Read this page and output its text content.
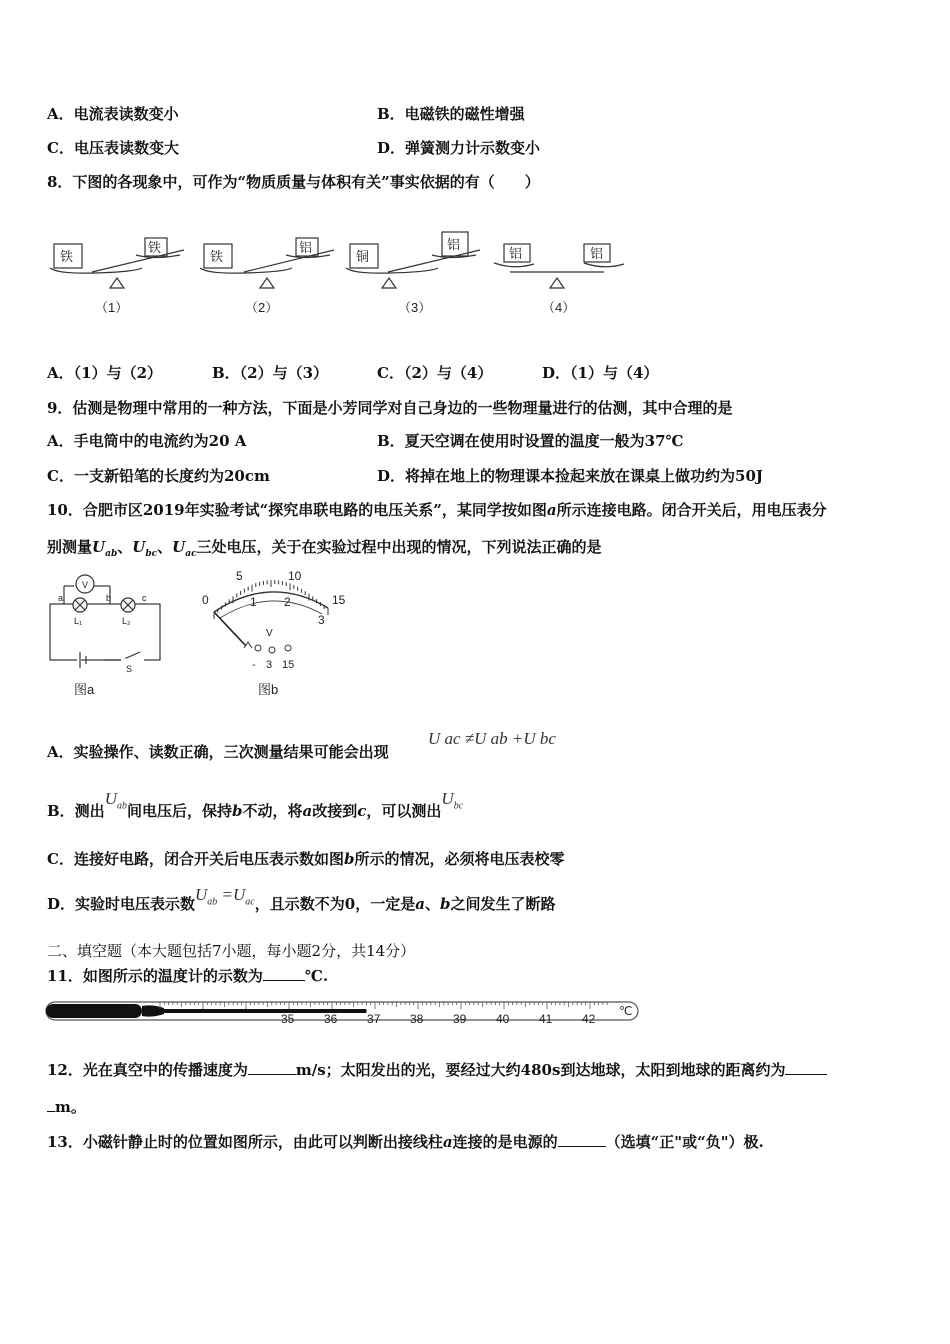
A．电流表读数变小	B．电磁铁的磁性增强
C．电压表读数变大	D．弹簧测力计示数变小
8．下图的各现象中，可作为“物质质量与体积有关”事实依据的有（　　）
铁
铁
（1）
铁
铝
（2）
铜
铝
（3）
铝	铝
（4）
A．（1）与（2）	B．（2）与（3）	C．（2）与（4）	D．（1）与（4）
9．估测是物理中常用的一种方法，下面是小芳同学对自己身边的一些物理量进行的估测，其中合理的是
A．手电筒中的电流约为20 A	B．夏天空调在使用时设置的温度一般为37℃
C．一支新铅笔的长度约为20cm	D．将掉在地上的物理课本捡起来放在课桌上做功约为50J
10．合肥市区2019年实验考试“探究串联电路的电压关系”，某同学按如图a所示连接电路。闭合开关后，用电压表分
别测量$U_{ab}$、$U_{bc}$、$U_{ac}$三处电压，关于在实验过程中出现的情况，下列说法正确的是
V
a	b	c
L₁	L₂
S
图a
0
5	10
15
1 2
3
V
- 3 15
图b
A．实验操作、读数正确，三次测量结果可能会出现
U ac ≠U ab +U bc
B．测出$U_{ab}$间电压后，保持b不动，将a改接到c，可以测出$U_{bc}$
C．连接好电路，闭合开关后电压表示数如图b所示的情况，必须将电压表校零
D．实验时电压表示数$U_{ab} =U_{ac}$，且示数不为0，一定是a、b之间发生了断路
二、填空题（本大题包括7小题，每小题2分，共14分）
11．如图所示的温度计的示数为	℃.
35 36 37 38 39 40 41 42
℃
12．光在真空中的传播速度为	m/s；太阳发出的光，要经过大约480s到达地球，太阳到地球的距离约为
m。
13．小磁针静止时的位置如图所示，由此可以判断出接线柱a连接的是电源的	（选填“正"或“负"）极.
